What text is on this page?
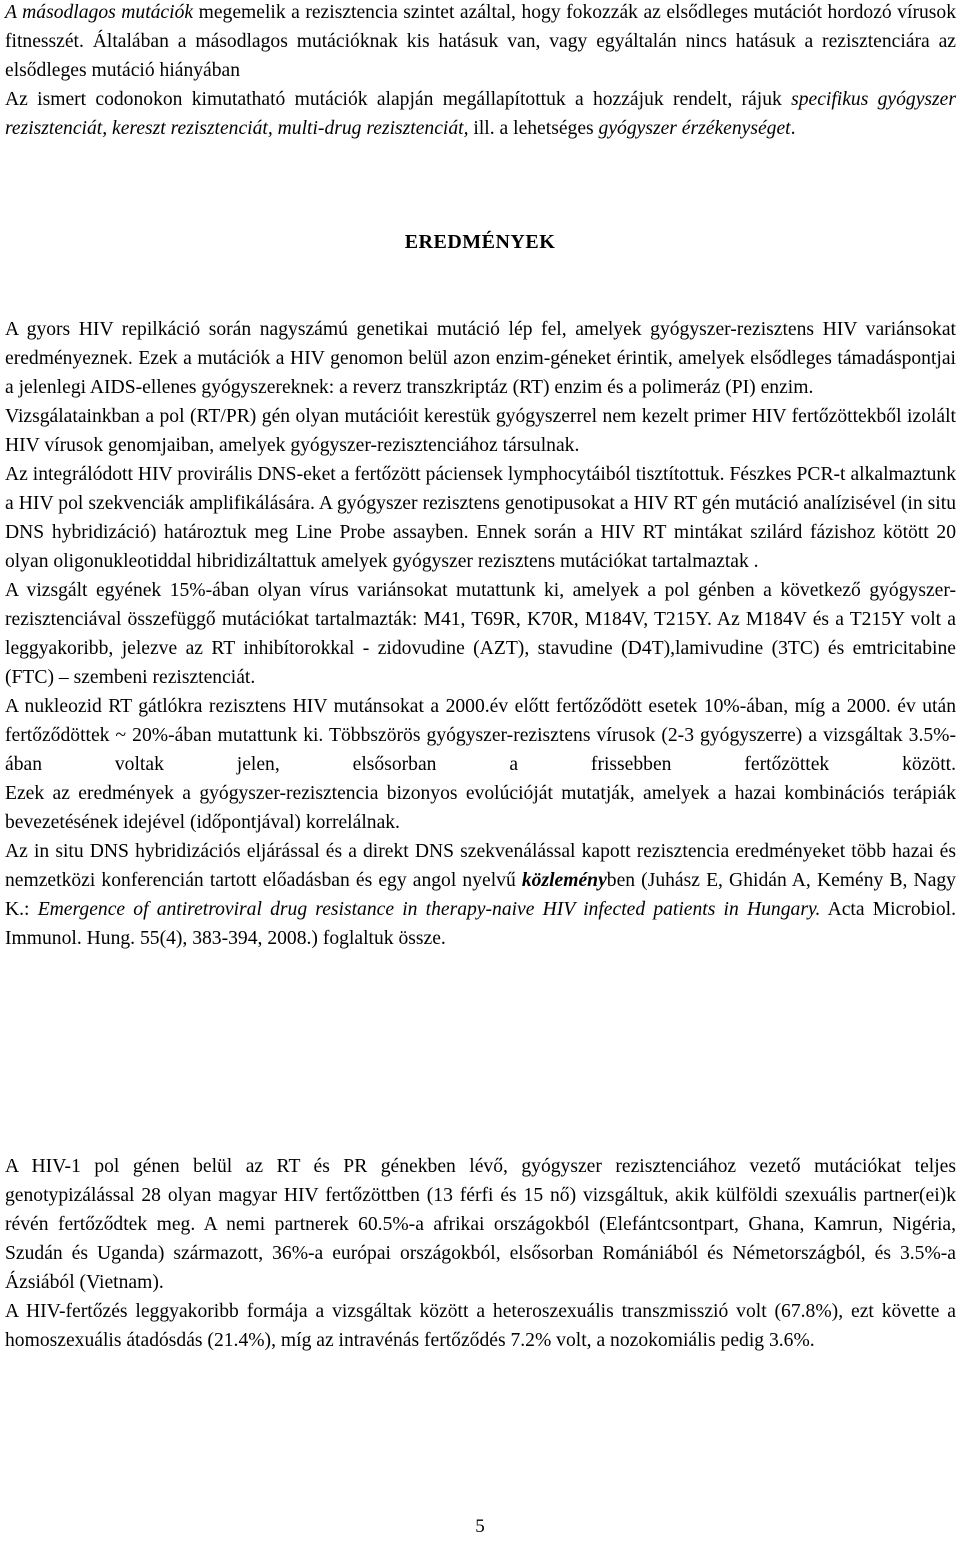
A másodlagos mutációk megemelik a rezisztencia szintet azáltal, hogy fokozzák az elsődleges mutációt hordozó vírusok fitnesszét. Általában a másodlagos mutációknak kis hatásuk van, vagy egyáltalán nincs hatásuk a rezisztenciára az elsődleges mutáció hiányában

Az ismert codonokon kimutatható mutációk alapján megállapítottuk a hozzájuk rendelt, rájuk specifikus gyógyszer rezisztenciát, kereszt rezisztenciát, multi-drug rezisztenciát, ill. a lehetséges gyógyszer érzékenységet.

EREDMÉNYEK

A gyors HIV repilkáció során nagyszámú genetikai mutáció lép fel, amelyek gyógyszer-rezisztens HIV variánsokat eredményeznek. Ezek a mutációk a HIV genomon belül azon enzim-géneket érintik, amelyek elsődleges támadáspontjai a jelenlegi AIDS-ellenes gyógyszereknek: a reverz transzkriptáz (RT) enzim és a polimeráz (PI) enzim.

Vizsgálatainkban a pol (RT/PR) gén olyan mutációit kerestük gyógyszerrel nem kezelt primer HIV fertőzöttekből izolált HIV vírusok genomjaiban, amelyek gyógyszer-rezisztenciához társulnak.

Az integrálódott HIV provirális DNS-eket a fertőzött páciensek lymphocytáiból tisztítottuk. Fészkes PCR-t alkalmaztunk a HIV pol szekvenciák amplifikálására. A gyógyszer rezisztens genotipusokat a HIV RT gén mutáció analízisével (in situ DNS hybridizáció) határoztuk meg Line Probe assayben. Ennek során a HIV RT mintákat szilárd fázishoz kötött 20 olyan oligonukleotiddal hibridizáltattuk amelyek gyógyszer rezisztens mutációkat tartalmaztak .

A vizsgált egyének 15%-ában olyan vírus variánsokat mutattunk ki, amelyek a pol génben a következő gyógyszer-rezisztenciával összefüggő mutációkat tartalmazták: M41, T69R, K70R, M184V, T215Y. Az M184V és a T215Y volt a leggyakoribb, jelezve az RT inhibítorokkal - zidovudine (AZT), stavudine (D4T),lamivudine (3TC) és emtricitabine (FTC) – szembeni rezisztenciát.

A nukleozid RT gátlókra rezisztens HIV mutánsokat a 2000.év előtt fertőződött esetek 10%-ában, míg a 2000. év után fertőződöttek ~ 20%-ában mutattunk ki. Többszörös gyógyszer-rezisztens vírusok (2-3 gyógyszerre) a vizsgáltak 3.5%-ában voltak jelen, elsősorban a frissebben fertőzöttek között.

Ezek az eredmények a gyógyszer-rezisztencia bizonyos evolúcióját mutatják, amelyek a hazai kombinációs terápiák bevezetésének idejével (időpontjával) korrelálnak.

Az in situ DNS hybridizációs eljárással és a direkt DNS szekvenálással kapott rezisztencia eredményeket több hazai és nemzetközi konferencián tartott előadásban és egy angol nyelvű közleményben (Juhász E, Ghidán A, Kemény B, Nagy K.: Emergence of antiretroviral drug resistance in therapy-naive HIV infected patients in Hungary. Acta Microbiol. Immunol. Hung. 55(4), 383-394, 2008.) foglaltuk össze.

A HIV-1 pol génen belül az RT és PR génekben lévő, gyógyszer rezisztenciához vezető mutációkat teljes genotypizálással 28 olyan magyar HIV fertőzöttben (13 férfi és 15 nő) vizsgáltuk, akik külföldi szexuális partner(ei)k révén fertőződtek meg. A nemi partnerek 60.5%-a afrikai országokból (Elefántcsontpart, Ghana, Kamrun, Nigéria, Szudán és Uganda) származott, 36%-a európai országokból, elsősorban Romániából és Németországból, és 3.5%-a Ázsiából (Vietnam).

A HIV-fertőzés leggyakoribb formája a vizsgáltak között a heteroszexuális transzmisszió volt (67.8%), ezt követte a homoszexuális átadósdás (21.4%), míg az intravénás fertőződés 7.2% volt, a nozokomiális pedig 3.6%.

5
